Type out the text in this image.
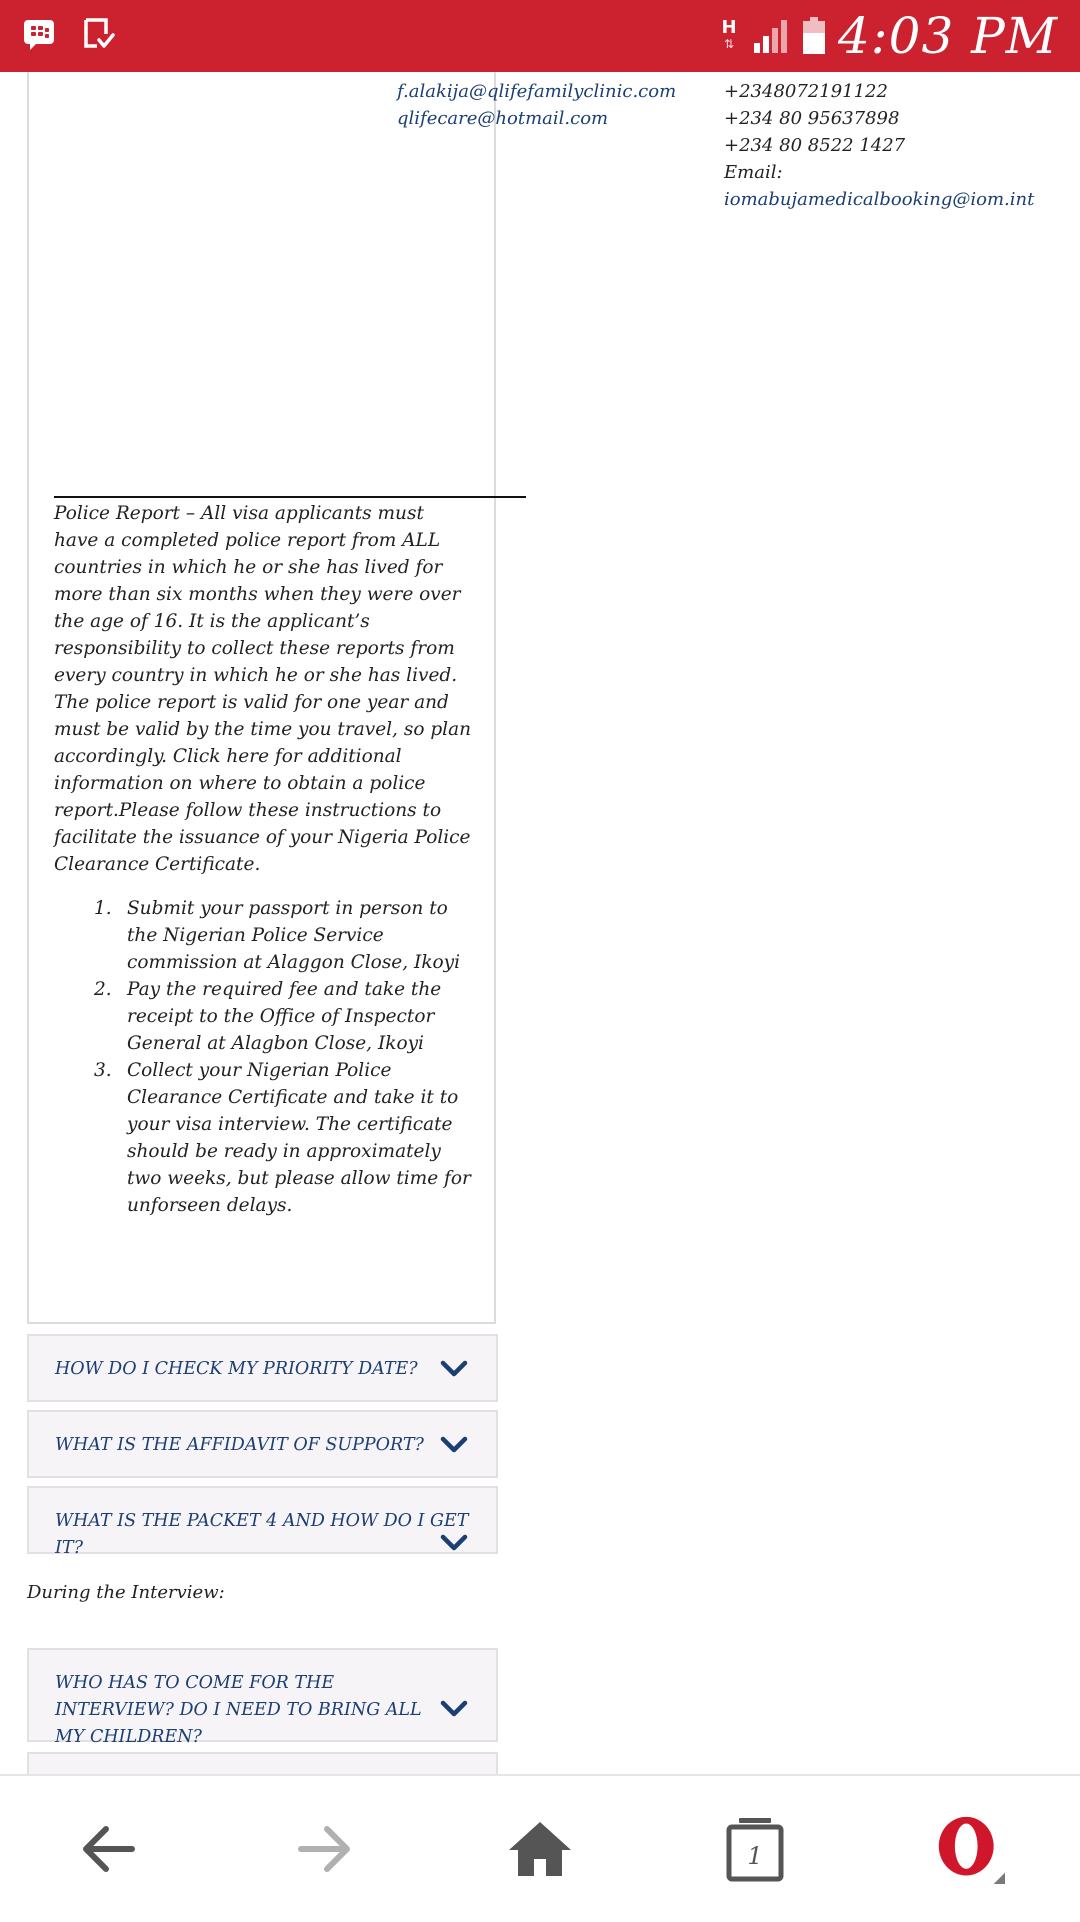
H
⇅ 4:03 PM
f.alakija@qlifefamilyclinic.com
qlifecare@hotmail.com
+2348072191122
+234 80 95637898
+234 80 8522 1427
Email:
iomabujamedicalbooking@iom.int

Police Report – All visa applicants must have a completed police report from ALL countries in which he or she has lived for more than six months when they were over the age of 16. It is the applicant’s responsibility to collect these reports from every country in which he or she has lived. The police report is valid for one year and must be valid by the time you travel, so plan accordingly. Click here for additional information on where to obtain a police report.Please follow these instructions to facilitate the issuance of your Nigeria Police Clearance Certificate.

1. Submit your passport in person to the Nigerian Police Service commission at Alaggon Close, Ikoyi
2. Pay the required fee and take the receipt to the Office of Inspector General at Alagbon Close, Ikoyi
3. Collect your Nigerian Police Clearance Certificate and take it to your visa interview. The certificate should be ready in approximately two weeks, but please allow time for unforseen delays.
HOW DO I CHECK MY PRIORITY DATE?
WHAT IS THE AFFIDAVIT OF SUPPORT?
WHAT IS THE PACKET 4 AND HOW DO I GET IT?
During the Interview:
WHO HAS TO COME FOR THE INTERVIEW? DO I NEED TO BRING ALL MY CHILDREN?
1
